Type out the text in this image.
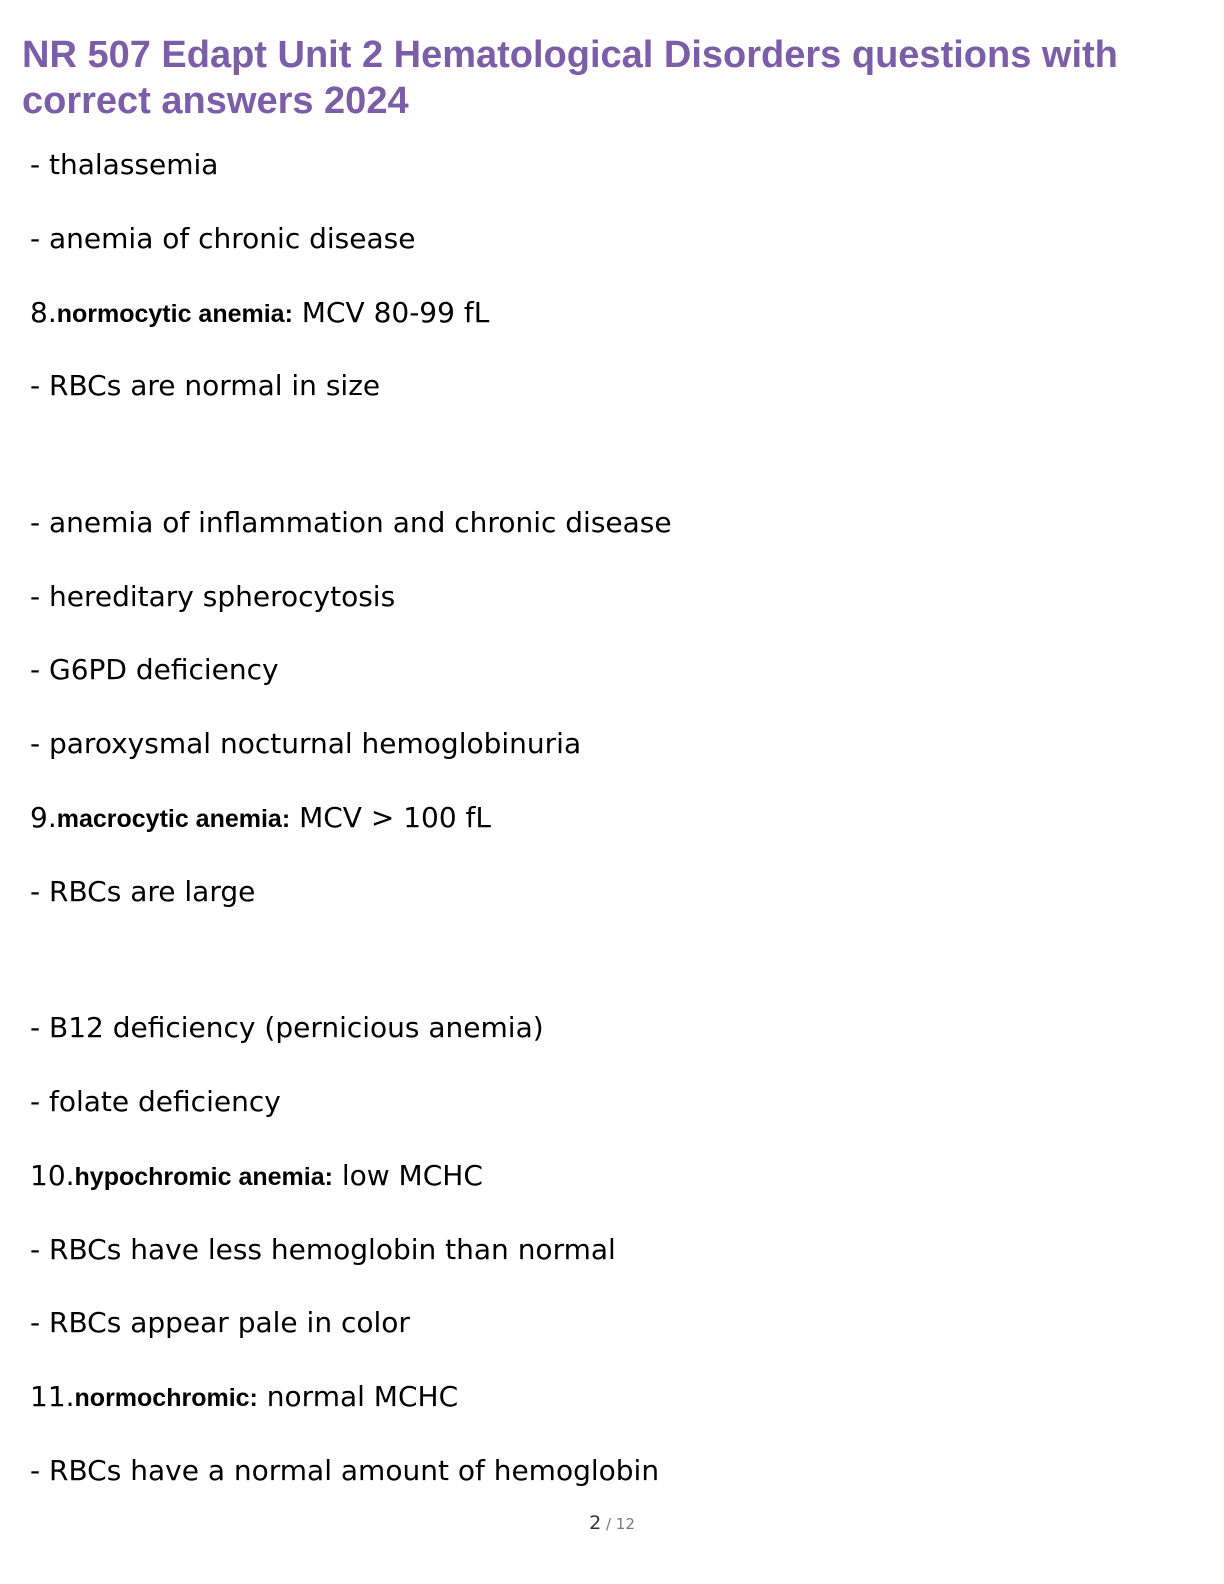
NR 507 Edapt Unit 2 Hematological Disorders questions with correct answers 2024
- thalassemia
- anemia of chronic disease
8.normocytic anemia: MCV 80-99 fL
- RBCs are normal in size
- anemia of inflammation and chronic disease
- hereditary spherocytosis
- G6PD deficiency
- paroxysmal nocturnal hemoglobinuria
9.macrocytic anemia: MCV > 100 fL
- RBCs are large
- B12 deficiency (pernicious anemia)
- folate deficiency
10.hypochromic anemia: low MCHC
- RBCs have less hemoglobin than normal
- RBCs appear pale in color
11.normochromic: normal MCHC
- RBCs have a normal amount of hemoglobin
2 / 12
